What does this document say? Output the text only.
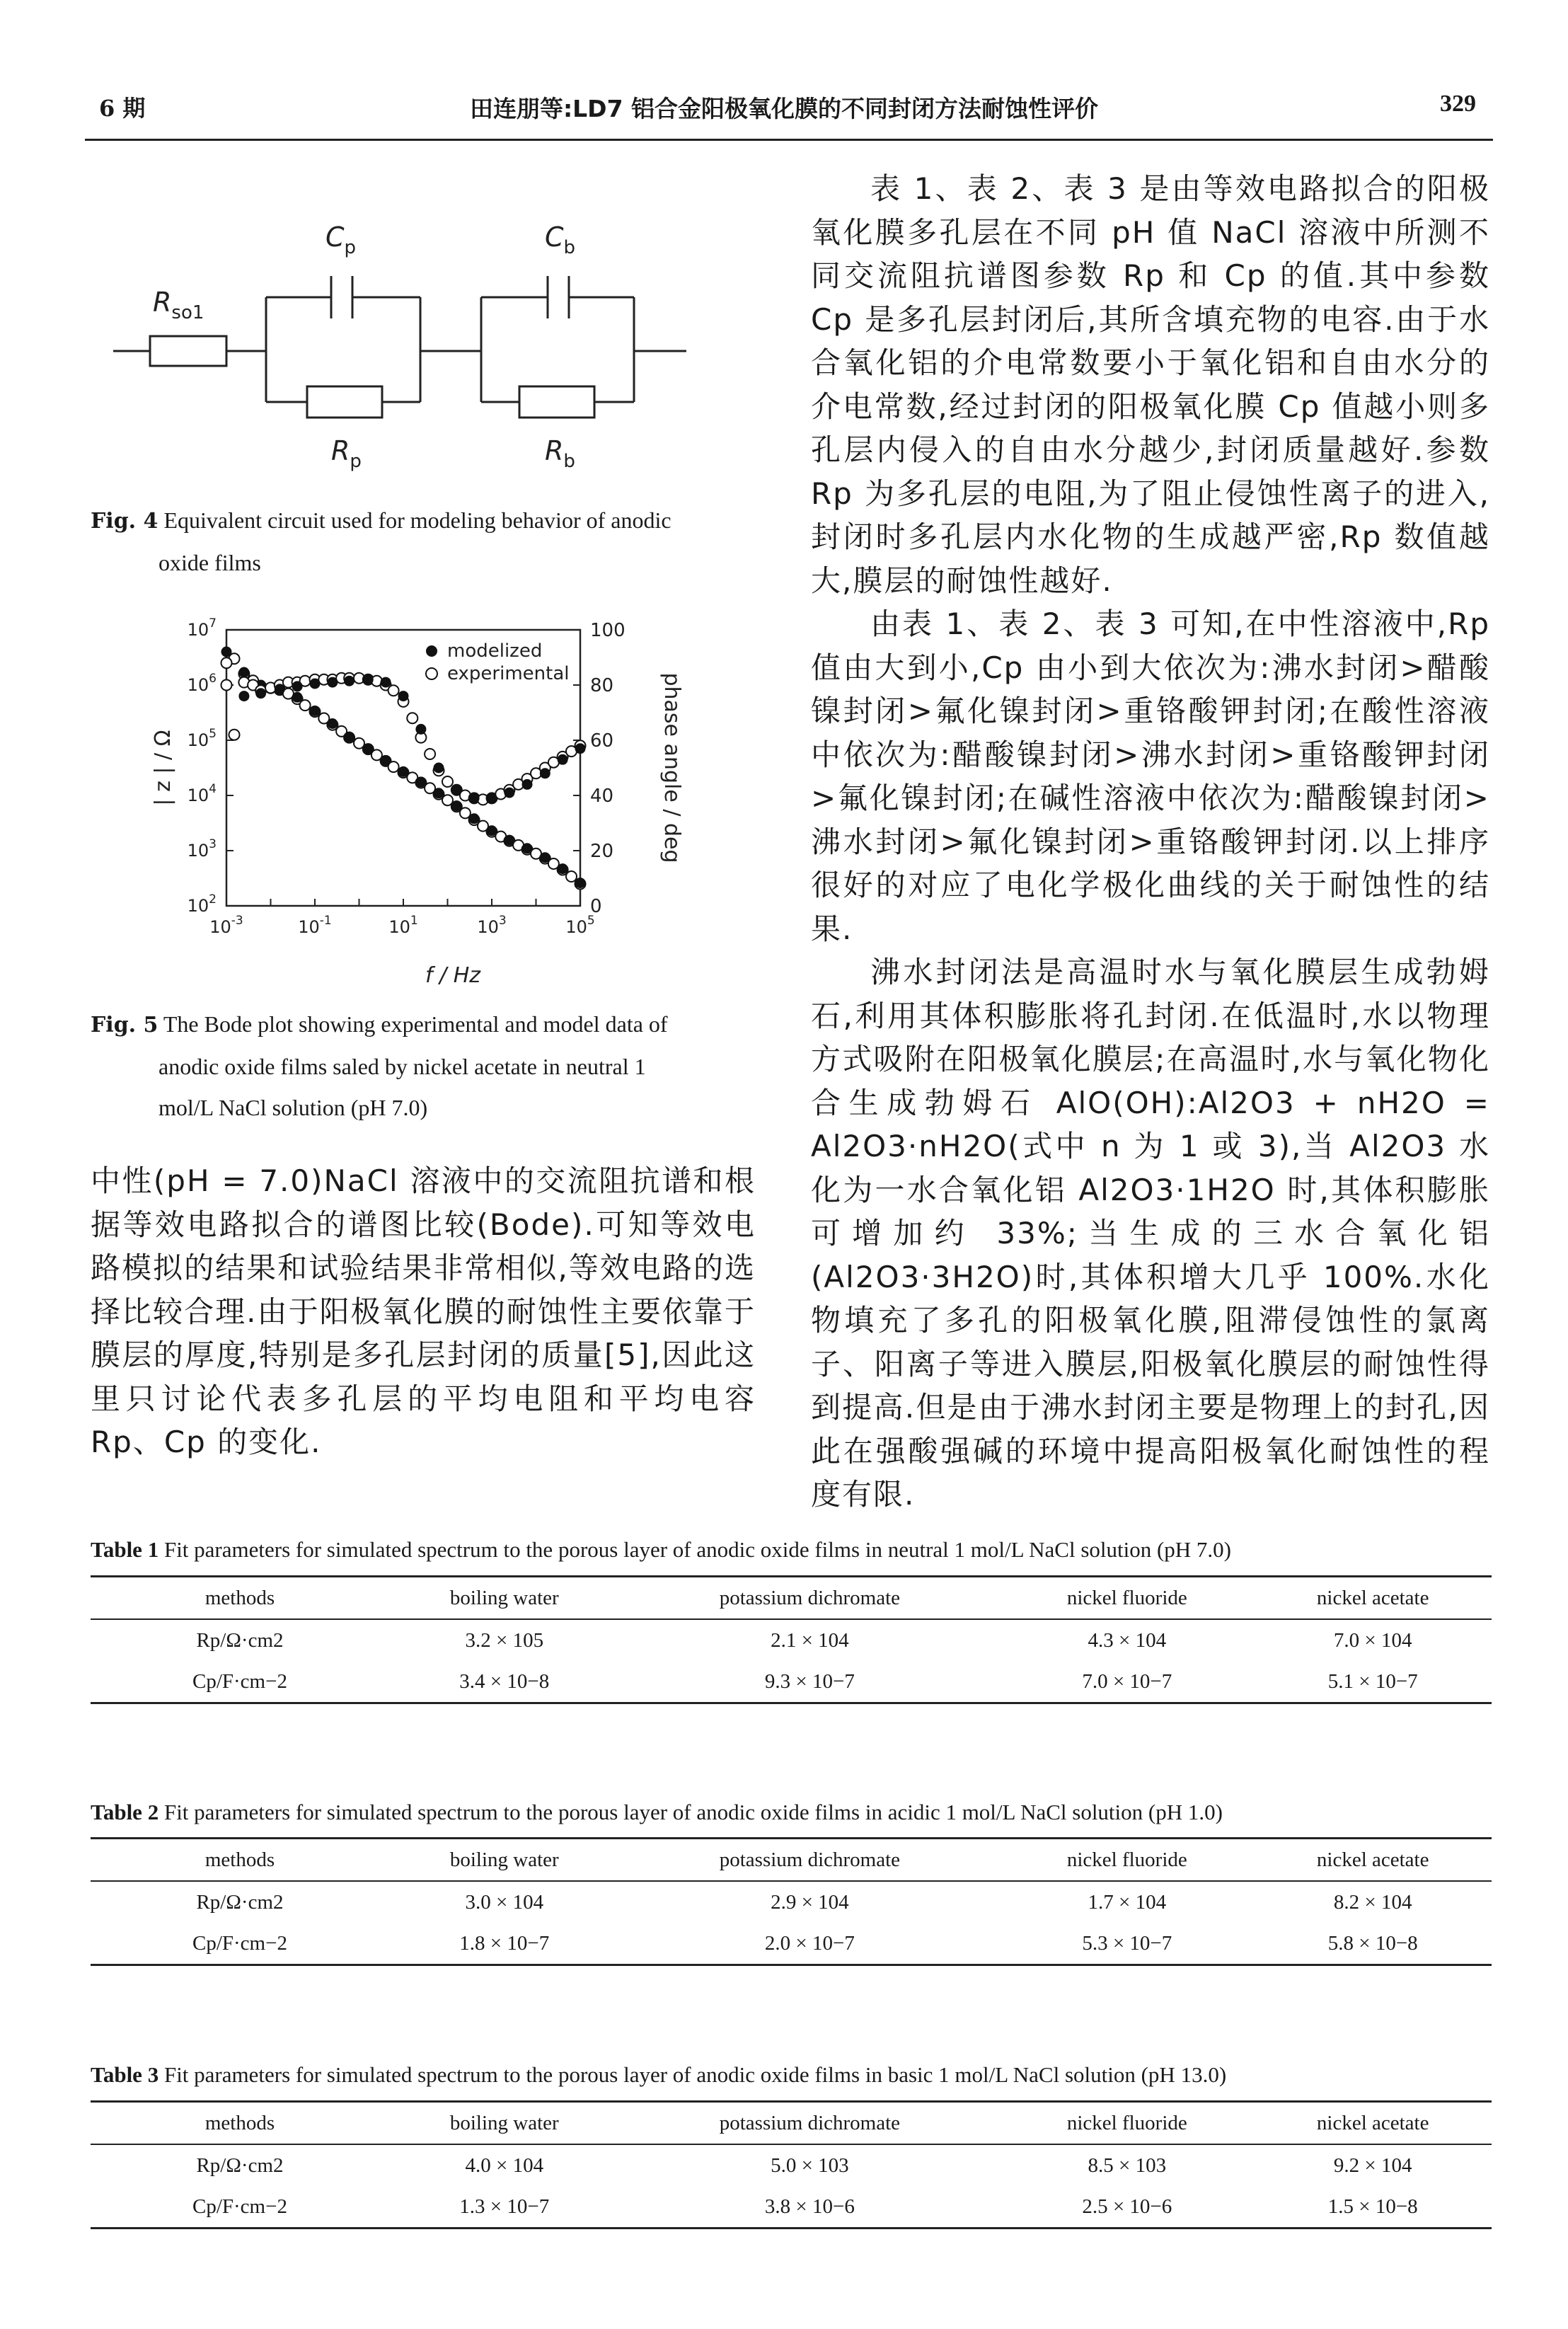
6 期	田连朋等:LD7 铝合金阳极氧化膜的不同封闭方法耐蚀性评价	329
$C_p$	$C_b$
$R_{so1}$
$R_p$	$R_b$
Fig. 4 Equivalent circuit used for modeling behavior of anodic
oxide films
$10^{-3}$	$10^{-1}$	$10^1$	$10^3$	$10^5$
$10^2$
$10^3$
$10^4$
$10^5$
$10^6$
$10^7$
0
20
40
60
80
100
modelized
experimental
f / Hz
| z | / Ω	phase angle / deg
Fig. 5 The Bode plot showing experimental and model data of
anodic oxide films saled by nickel acetate in neutral 1
mol/L NaCl solution (pH 7.0)

中性(pH = 7.0)NaCl 溶液中的交流阻抗谱和根据等效电路拟合的谱图比较(Bode).可知等效电路模拟的结果和试验结果非常相似,等效电路的选择比较合理.由于阳极氧化膜的耐蚀性主要依靠于膜层的厚度,特别是多孔层封闭的质量[5],因此这里只讨论代表多孔层的平均电阻和平均电容 Rp、Cp 的变化.

表 1、表 2、表 3 是由等效电路拟合的阳极氧化膜多孔层在不同 pH 值 NaCl 溶液中所测不同交流阻抗谱图参数 Rp 和 Cp 的值.其中参数 Cp 是多孔层封闭后,其所含填充物的电容.由于水合氧化铝的介电常数要小于氧化铝和自由水分的介电常数,经过封闭的阳极氧化膜 Cp 值越小则多孔层内侵入的自由水分越少,封闭质量越好.参数 Rp 为多孔层的电阻,为了阻止侵蚀性离子的进入,封闭时多孔层内水化物的生成越严密,Rp 数值越大,膜层的耐蚀性越好.

由表 1、表 2、表 3 可知,在中性溶液中,Rp 值由大到小,Cp 由小到大依次为:沸水封闭>醋酸镍封闭>氟化镍封闭>重铬酸钾封闭;在酸性溶液中依次为:醋酸镍封闭>沸水封闭>重铬酸钾封闭>氟化镍封闭;在碱性溶液中依次为:醋酸镍封闭>沸水封闭>氟化镍封闭>重铬酸钾封闭.以上排序很好的对应了电化学极化曲线的关于耐蚀性的结果.

沸水封闭法是高温时水与氧化膜层生成勃姆石,利用其体积膨胀将孔封闭.在低温时,水以物理方式吸附在阳极氧化膜层;在高温时,水与氧化物化合生成勃姆石 AlO(OH):Al2O3 + nH2O = Al2O3·nH2O(式中 n 为 1 或 3),当 Al2O3 水化为一水合氧化铝 Al2O3·1H2O 时,其体积膨胀可增加约 33%;当生成的三水合氧化铝(Al2O3·3H2O)时,其体积增大几乎 100%.水化物填充了多孔的阳极氧化膜,阻滞侵蚀性的氯离子、阳离子等进入膜层,阳极氧化膜层的耐蚀性得到提高.但是由于沸水封闭主要是物理上的封孔,因此在强酸强碱的环境中提高阳极氧化耐蚀性的程度有限.

Table 1 Fit parameters for simulated spectrum to the porous layer of anodic oxide films in neutral 1 mol/L NaCl solution (pH 7.0)
methods	boiling water	potassium dichromate	nickel fluoride	nickel acetate
Rp/Ω·cm2	3.2 × 105	2.1 × 104	4.3 × 104	7.0 × 104
Cp/F·cm−2	3.4 × 10−8	9.3 × 10−7	7.0 × 10−7	5.1 × 10−7
Table 2 Fit parameters for simulated spectrum to the porous layer of anodic oxide films in acidic 1 mol/L NaCl solution (pH 1.0)
methods	boiling water	potassium dichromate	nickel fluoride	nickel acetate
Rp/Ω·cm2	3.0 × 104	2.9 × 104	1.7 × 104	8.2 × 104
Cp/F·cm−2	1.8 × 10−7	2.0 × 10−7	5.3 × 10−7	5.8 × 10−8
Table 3 Fit parameters for simulated spectrum to the porous layer of anodic oxide films in basic 1 mol/L NaCl solution (pH 13.0)
methods	boiling water	potassium dichromate	nickel fluoride	nickel acetate
Rp/Ω·cm2	4.0 × 104	5.0 × 103	8.5 × 103	9.2 × 104
Cp/F·cm−2	1.3 × 10−7	3.8 × 10−6	2.5 × 10−6	1.5 × 10−8
